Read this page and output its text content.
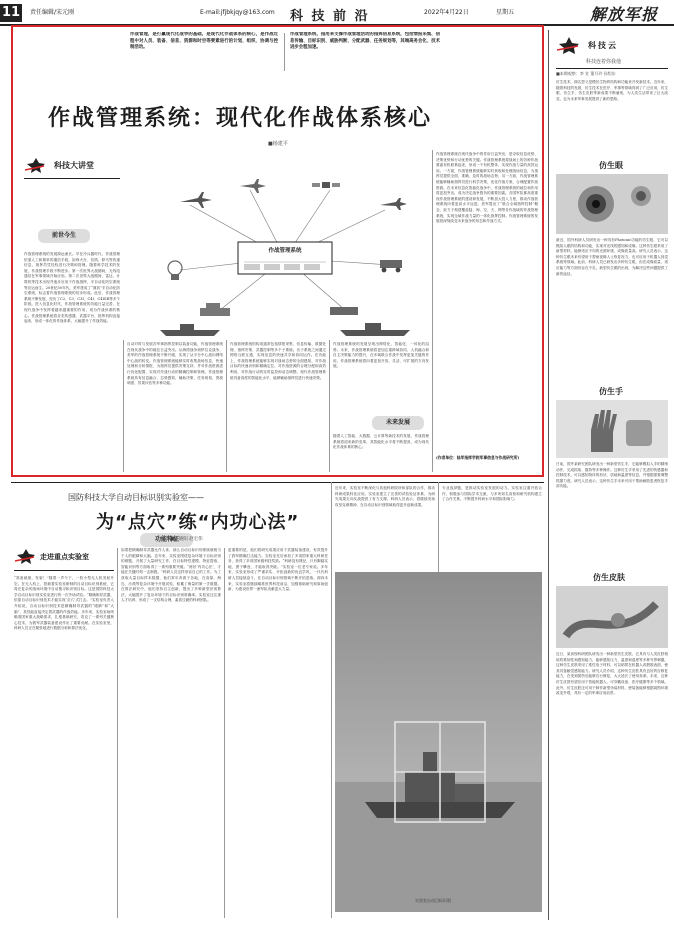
11	责任编辑/宋元刚	E-mail:jfjbkjqy@163.com 科 技 前 沿	2022年4月22日	星期五	解放军报
作战管理，是打赢现代化战争的基础，是现代化作战体系的核心，是作战过程中对人员、装备、信息、资源和时空等要素进行的计划、组织、协调与控制活动。
作战管理系统，指用来支撑作战管理活动的指挥信息系统，包括情报采集、信息传输、目标识别、威胁判断、分配武器、任务规划等，其端高务会化、技术进步会程加速。
作战管理系统：现代化作战体系核心
■杨建平
科技大讲堂
作战管理系统
前世今生
功能特征
作战管理系统的发展源远流长。早在冷兵器时代，作战管理依靠人工和简单的通信手段，如烽火台、信鸽、驿马等传递信息，指挥员凭经验进行决策和管理。随着科学技术的发展，作战管理手段不断进步。第一次世界大战期间，无线电通信在军事领域开始应用。第二次世界大战期间，雷达、计算机等技术出现并逐步应用于作战指挥，半自动化防空系统等应运而生。20世纪50年代，美军建成了“赛其”半自动化防空系统，标志着作战管理系统的初步形成。此后，作战管理系统不断发展，经历了C2、C3、C3I、C4I、C4ISR等多个阶段。进入信息化时代，作战管理系统的功能日益完善，在现代战争中发挥着越来越重要的作用，成为作战体系的核心。作战管理系统将各类传感器、武器平台、指挥机构连接起来，形成一体化的作战体系，大幅提升了作战效能。
自动对时与发展各军事指挥控制以装备功能，作战管理系统在现代战争中的地位日益突出。从海湾战争到伊拉克战争，美军的作战管理系统不断升级，实现了从平台中心战向网络中心战的转变。作战管理系统能够实时收集战场信息，快速处理和分析情报，为指挥员提供决策支持，并对作战资源进行优化配置，实现对作战行动的精确控制和管理。作战管理系统具有信息融合、态势感知、辅助决策、任务规划、资源调度、效果评估等多种功能。
作战管理系统的构成通常包括情报采集、信息传输、数据处理、指挥决策、武器控制等多个子系统。各子系统之间通过网络互联互通，实现信息的快速共享和协同运作。在功能上，作战管理系统能够实现对战场态势的全面感知，对作战目标的快速识别和精确定位，对作战资源的合理分配和高效利用，对作战行动的实时监控和动态调整。现代作战管理系统具备高度的智能化水平，能够辅助指挥员进行快速决策。
作战管理系统的发展呈现出网络化、智能化、一体化的趋势。未来，作战管理系统将更加注重跨域协同、人机融合和自主决策能力的提升，在多域联合作战中发挥更加关键的作用。作战管理系统将向着更加开放、灵活、可扩展的方向发展。
未来发展
随着人工智能、大数据、云计算等新技术的发展，作战管理系统将迎来新的变革，其智能化水平将不断提高，成为现代化作战体系的核心。
作战管理系统在现代战争中的作用日益突出，是夺取信息优势、决策优势和行动优势的关键。作战管理系统将战场上的各种作战要素有机联系起来，形成一个有机整体，实现作战力量的高效运用。一方面，作战管理系统能够实时获取和处理战场信息，为指挥员提供全面、准确、及时的战场态势；另一方面，作战管理系统能够辅助指挥员进行科学决策，优化作战方案，合理配置作战资源。在未来信息化智能化战争中，作战管理系统的地位和作用将更加突出，成为决定战争胜负的重要因素。各国军队都高度重视作战管理系统的建设和发展，不断加大投入力度，推动作战管理系统向着更高水平迈进。美军提出了“联合全域指挥控制”概念，致力于构建覆盖陆、海、空、天、网等各作战域的作战管理系统，实现全域作战力量的一体化指挥控制。作战管理系统的发展将深刻改变未来战争的形态和作战方式。
(作者单位：陆军指挥学院军事信息与作战研究所)
科技云
科技连着你我他
■本期观察：李 宣 董月玲 孙绍东
仿生技术，顾名思义是模仿生物的结构和功能来开发新技术。近年来，随着科技的发展，仿生技术在医疗、军事等领域得到了广泛应用，仿生眼、仿生手、仿生皮肤等新成果不断涌现，为人类生活带来了巨大改变，也为未来军事发展提供了新的思路。
仿生眼
最近，国外科研人员研发出一种具有Photonic功能的仿生眼，它可以模拟人眼的结构和功能，实现对光线的感知和成像。这种仿生眼采用了新型材料，能够适应不同的光照环境，成像质量高。研究人员表示，这种仿生眼未来有望用于帮助视障人士恢复视力，也可应用于机器人视觉系统等领域。此前，科研人员已研发出多种仿生眼，但在成像质量、适应能力等方面仍存在不足。新型仿生眼的出现，为解决这些问题提供了新的途径。
仿生手
日前，国外某研究团队研发出一种新型仿生手，它能够模拟人手的精细动作，完成抓取、握持等多种操作。这种仿生手采用了先进的传感器和控制技术，可以感知物体的形状、质地和温度等信息，并根据需要调整抓握力度。研究人员表示，这种仿生手未来可用于帮助截肢患者恢复手部功能。
仿生皮肤
近日，某高校科研团队研发出一种新型仿生皮肤，它具有与人类皮肤相似的柔韧性和感知能力，能够感知压力、温度和湿度等多种外界刺激。这种仿生皮肤采用了柔性电子材料，可以贴附在机器人或假肢表面，使其具备触觉感知能力。研究人员介绍，这种仿生皮肤具有良好的自修复能力，在受到损伤后能够自行修复，大大延长了使用寿命。未来，这种仿生皮肤有望应用于智能机器人、可穿戴设备、医疗健康等多个领域。此外，仿生皮肤还可用于制作新型伪装材料，使装备能够根据周围环境改变外观，具有一定的军事应用前景。
国防科技大学自动目标识别实验室——
为“点穴”练“内功心法”
■王晓阳 赵宏伟
走进重点实验室
“准备就绪，发射！”随着一声令下，一枚小型无人机发射升空。在无人机上，搭载着实验室研制的自动目标识别系统，它将在复杂的战场环境中自动搜寻和识别目标。这是国防科技大学自动目标识别实验室进行的一次外场试验。“精确制导武器，依靠自动目标识别技术才能实现‘点穴’式打击。”实验室负责人介绍说，自动目标识别技术是精确制导武器的“眼睛”和“大脑”，其性能直接决定着武器的作战效能。多年来，实验室始终瞄准国家重大战略需求，扎根基础研究，攻克了一系列关键核心技术，为我军武器装备建设作出了重要贡献。在实验室里，科研人员正在紧张地进行数据分析和算法优化。
如果把精确制导武器比作人体，那么自动目标识别系统就相当于人的眼睛和大脑。近年来，实验室围绕复杂环境下目标识别的难题，开展了大量研究工作，在目标特性建模、特征提取、智能识别等方面取得了一系列重要突破。“练好‘内功心法’，才能在关键时刻一击制胜。”科研人员这样形容自己的工作。为了获取大量目标样本数据，他们常年奔波于各地，在高原、海岛、沙漠等复杂环境中开展试验，积累了海量的第一手数据。在算法研究中，他们坚持自主创新，提出了多种新型识别算法，大幅提升了复杂环境下的目标识别准确率。实验室还注重人才培养，形成了一支结构合理、素质过硬的科研团队。
更重要的是，他们将研究成果应用于武器装备建设，有效提升了我军精确打击能力。实验室先后承担了多项国家重大科研任务，获得了多项国家级科技奖励。“科研没有捷径，只有脚踏实地、勇于攀登，才能取得突破。”实验室一位老专家说。多年来，实验室形成了严谨求实、开拓创新的优良学风，一代代科研人员接续奋斗，在自动目标识别领域不断开拓进取。面向未来，实验室将继续瞄准世界科技前沿，加强基础研究和原始创新，为建设世界一流军队贡献更大力量。
近年来，实验室不断深化与其他科研院所和部队的合作，推动科研成果转化应用。实验室建立了完善的试验验证体系，为研究成果走向实战提供了有力支撑。科研人员表示，将继续发扬攻坚克难精神，在自动目标识别领域取得更多创新成果。
专业选择题，是推动实验室发展的动力。实验室注重开放合作，积极参与国际学术交流，与多所知名高校和研究机构建立了合作关系，不断提升科研水平和国际影响力。
实验室自动目标识别
